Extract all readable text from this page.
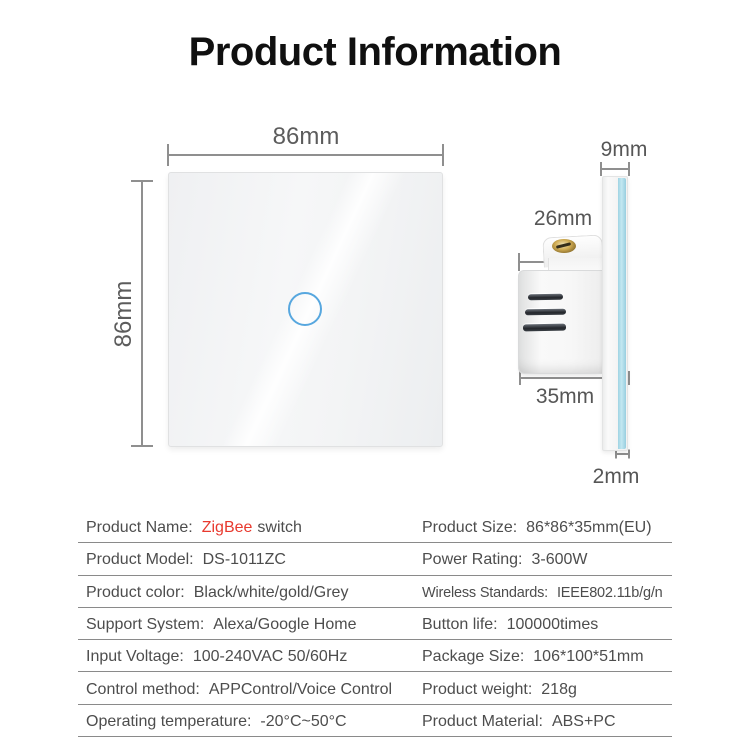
Product Information
86mm
86mm
9mm
26mm
35mm
2mm
Product Name: ZigBee switch	Product Size: 86*86*35mm(EU)
Product Model: DS-1011ZC	Power Rating: 3-600W
Product color: Black/white/gold/Grey	Wireless Standards: IEEE802.11b/g/n
Support System: Alexa/Google Home	Button life: 100000times
Input Voltage: 100-240VAC 50/60Hz	Package Size: 106*100*51mm
Control method: APPControl/Voice Control	Product weight: 218g
Operating temperature: -20°C~50°C	Product Material: ABS+PC
